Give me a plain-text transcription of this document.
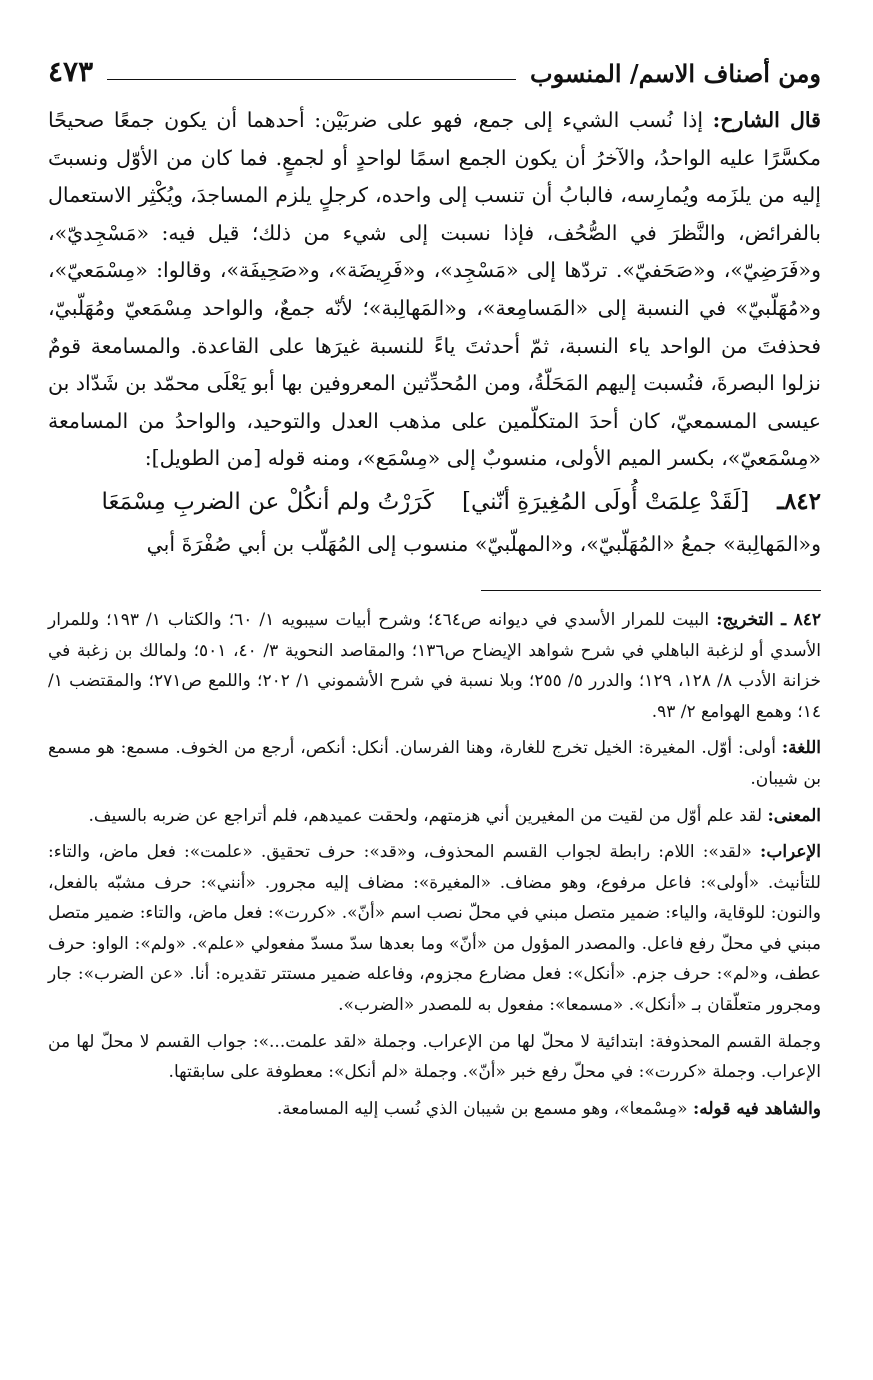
ومن أصناف الاسم/ المنسوب
٤٧٣

قال الشارح: إذا نُسب الشيء إلى جمع، فهو على ضربَيْن: أحدهما أن يكون جمعًا صحيحًا مكسَّرًا عليه الواحدُ، والآخرُ أن يكون الجمع اسمًا لواحدٍ أو لجمعٍ. فما كان من الأوّل ونسبتَ إليه من يلزَمه ويُمارِسه، فالبابُ أن تنسب إلى واحده، كرجلٍ يلزم المساجدَ، ويُكْثِر الاستعمال بالفرائض، والنَّظرَ في الصُّحُف، فإذا نسبت إلى شيء من ذلك؛ قيل فيه: «مَسْجِديّ»، و«فَرَضِيّ»، و«صَحَفيّ». تردّها إلى «مَسْجِد»، و«فَرِيضَة»، و«صَحِيفَة»، وقالوا: «مِسْمَعيّ»، و«مُهَلّبيّ» في النسبة إلى «المَسامِعة»، و«المَهالِبة»؛ لأنّه جمعٌ، والواحد مِسْمَعيّ ومُهَلّبيّ، فحذفتَ من الواحد ياء النسبة، ثمّ أحدثتَ ياءً للنسبة غيرَها على القاعدة. والمسامعة قومٌ نزلوا البصرةَ، فنُسبت إليهم المَحَلّةُ، ومن المُحدِّثين المعروفين بها أبو يَعْلَى محمّد بن شَدّاد بن عيسى المسمعيّ، كان أحدَ المتكلّمين على مذهب العدل والتوحيد، والواحدُ من المسامعة «مِسْمَعيّ»، بكسر الميم الأولى، منسوبٌ إلى «مِسْمَع»، ومنه قوله [من الطويل]:

٨٤٢ـ
[لَقَدْ عِلمَتْ أُولَى المُغِيرَةِ أنّني]
كَرَرْتُ ولم أنكُلْ عن الضربِ مِسْمَعَا
و«المَهالِبة» جمعُ «المُهَلّبيّ»، و«المهلّبيّ» منسوب إلى المُهَلّب بن أبي صُفْرَةَ أبي

٨٤٢ ـ التخريج: البيت للمرار الأسدي في ديوانه ص٤٦٤؛ وشرح أبيات سيبويه ١/ ٦٠؛ والكتاب ١/ ١٩٣؛ وللمرار الأسدي أو لزغبة الباهلي في شرح شواهد الإيضاح ص١٣٦؛ والمقاصد النحوية ٣/ ٤٠، ٥٠١؛ ولمالك بن زغبة في خزانة الأدب ٨/ ١٢٨، ١٢٩؛ والدرر ٥/ ٢٥٥؛ وبلا نسبة في شرح الأشموني ١/ ٢٠٢؛ واللمع ص٢٧١؛ والمقتضب ١/ ١٤؛ وهمع الهوامع ٢/ ٩٣.

اللغة: أولى: أوّل. المغيرة: الخيل تخرج للغارة، وهنا الفرسان. أنكل: أنكص، أرجع من الخوف. مسمع: هو مسمع بن شيبان.

المعنى: لقد علم أوّل من لقيت من المغيرين أني هزمتهم، ولحقت عميدهم، فلم أتراجع عن ضربه بالسيف.

الإعراب: «لقد»: اللام: رابطة لجواب القسم المحذوف، و«قد»: حرف تحقيق. «علمت»: فعل ماض، والتاء: للتأنيث. «أولى»: فاعل مرفوع، وهو مضاف. «المغيرة»: مضاف إليه مجرور. «أنني»: حرف مشبّه بالفعل، والنون: للوقاية، والياء: ضمير متصل مبني في محلّ نصب اسم «أنّ». «كررت»: فعل ماض، والتاء: ضمير متصل مبني في محلّ رفع فاعل. والمصدر المؤول من «أنّ» وما بعدها سدّ مسدّ مفعولي «علم». «ولم»: الواو: حرف عطف، و«لم»: حرف جزم. «أنكل»: فعل مضارع مجزوم، وفاعله ضمير مستتر تقديره: أنا. «عن الضرب»: جار ومجرور متعلّقان بـ «أنكل». «مسمعا»: مفعول به للمصدر «الضرب».

وجملة القسم المحذوفة: ابتدائية لا محلّ لها من الإعراب. وجملة «لقد علمت...»: جواب القسم لا محلّ لها من الإعراب. وجملة «كررت»: في محلّ رفع خبر «أنّ». وجملة «لم أنكل»: معطوفة على سابقتها.

والشاهد فيه قوله: «مِسْمعا»، وهو مسمع بن شيبان الذي نُسب إليه المسامعة.
